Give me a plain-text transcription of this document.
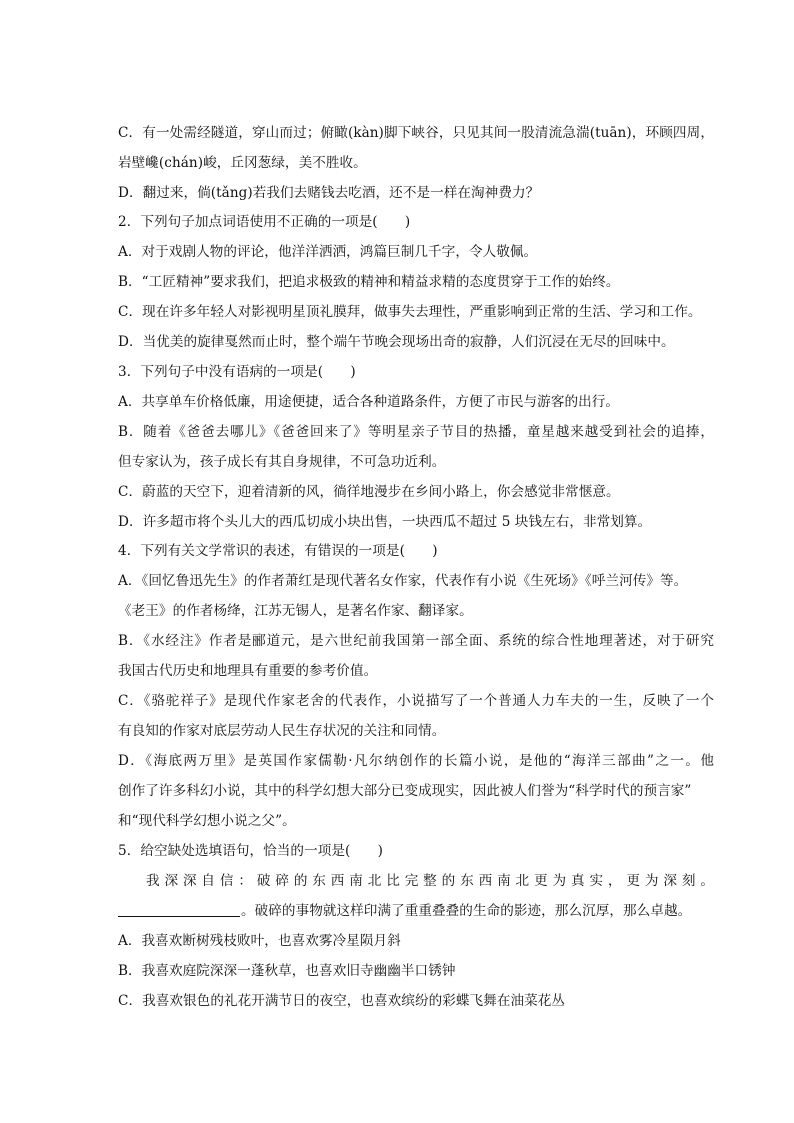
C．有一处需经隧道，穿山而过；俯瞰(kàn)脚下峡谷，只见其间一股清流急湍(tuān)，环顾四周，
岩壁巉(chán)峻，丘冈葱绿，美不胜收。
D．翻过来，倘(tǎng)若我们去赌钱去吃酒，还不是一样在淘神费力？
2．下列句子加点词语使用不正确的一项是(　　)
A．对于戏剧人物的评论，他洋洋洒洒，鸿篇巨制几千字，令人敬佩。
B．“工匠精神”要求我们，把追求极致的精神和精益求精的态度贯穿于工作的始终。
C．现在许多年轻人对影视明星顶礼膜拜，做事失去理性，严重影响到正常的生活、学习和工作。
D．当优美的旋律戛然而止时，整个端午节晚会现场出奇的寂静，人们沉浸在无尽的回味中。
3．下列句子中没有语病的一项是(　　)
A．共享单车价格低廉，用途便捷，适合各种道路条件，方便了市民与游客的出行。
B．随着《爸爸去哪儿》《爸爸回来了》等明星亲子节目的热播，童星越来越受到社会的追捧，
但专家认为，孩子成长有其自身规律，不可急功近利。
C．蔚蓝的天空下，迎着清新的风，徜徉地漫步在乡间小路上，你会感觉非常惬意。
D．许多超市将个头儿大的西瓜切成小块出售，一块西瓜不超过 5 块钱左右，非常划算。
4．下列有关文学常识的表述，有错误的一项是(　　)
A．《回忆鲁迅先生》的作者萧红是现代著名女作家，代表作有小说《生死场》《呼兰河传》等。
《老王》的作者杨绛，江苏无锡人，是著名作家、翻译家。
B．《水经注》作者是郦道元，是六世纪前我国第一部全面、系统的综合性地理著述，对于研究
我国古代历史和地理具有重要的参考价值。
C．《骆驼祥子》是现代作家老舍的代表作，小说描写了一个普通人力车夫的一生，反映了一个
有良知的作家对底层劳动人民生存状况的关注和同情。
D．《海底两万里》是英国作家儒勒·凡尔纳创作的长篇小说，是他的“海洋三部曲”之一。他
创作了许多科幻小说，其中的科学幻想大部分已变成现实，因此被人们誉为“科学时代的预言家”
和“现代科学幻想小说之父”。
5．给空缺处选填语句，恰当的一项是(　　)
我深深自信：破碎的东西南北比完整的东西南北更为真实，更为深刻。
。破碎的事物就这样印满了重重叠叠的生命的影迹，那么沉厚，那么卓越。
A．我喜欢断树残枝败叶，也喜欢雾冷星陨月斜
B．我喜欢庭院深深一蓬秋草，也喜欢旧寺幽幽半口锈钟
C．我喜欢银色的礼花开满节日的夜空，也喜欢缤纷的彩蝶飞舞在油菜花丛
